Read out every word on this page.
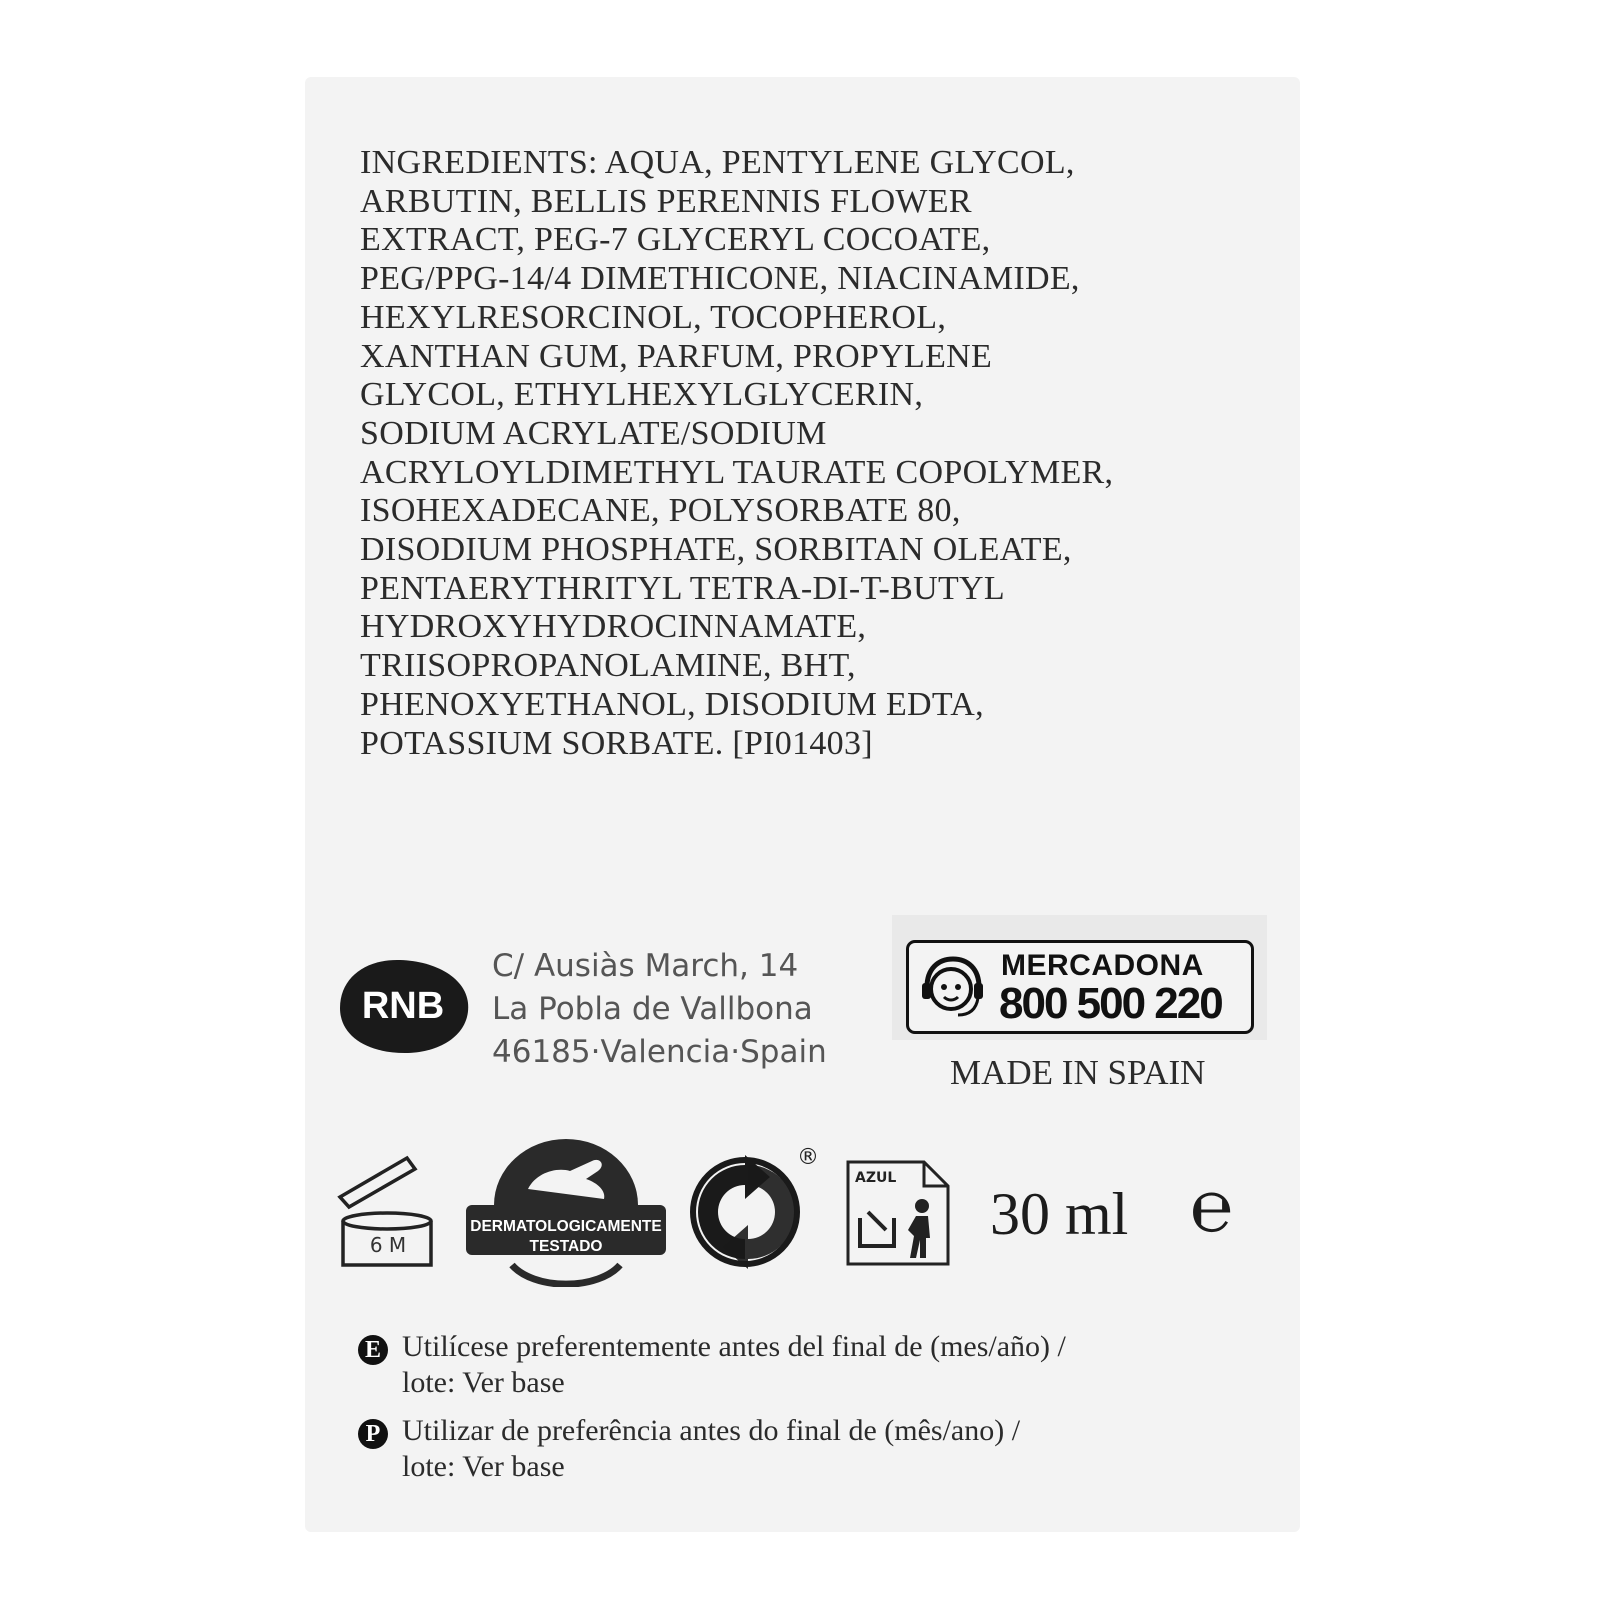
INGREDIENTS: AQUA, PENTYLENE GLYCOL,
ARBUTIN, BELLIS PERENNIS FLOWER
EXTRACT, PEG-7 GLYCERYL COCOATE,
PEG/PPG-14/4 DIMETHICONE, NIACINAMIDE,
HEXYLRESORCINOL, TOCOPHEROL,
XANTHAN GUM, PARFUM, PROPYLENE
GLYCOL, ETHYLHEXYLGLYCERIN,
SODIUM ACRYLATE/SODIUM
ACRYLOYLDIMETHYL TAURATE COPOLYMER,
ISOHEXADECANE, POLYSORBATE 80,
DISODIUM PHOSPHATE, SORBITAN OLEATE,
PENTAERYTHRITYL TETRA-DI-T-BUTYL
HYDROXYHYDROCINNAMATE,
TRIISOPROPANOLAMINE, BHT,
PHENOXYETHANOL, DISODIUM EDTA,
POTASSIUM SORBATE. [PI01403]
RNB
C/ Ausiàs March, 14
La Pobla de Vallbona
46185·Valencia·Spain
MERCADONA
800 500 220
MADE IN SPAIN
6 M
DERMATOLOGICAMENTE
TESTADO
®
AZUL
30 ml ℮
E Utilícese preferentemente antes del final de (mes/año) /
lote: Ver base
P Utilizar de preferência antes do final de (mês/ano) /
lote: Ver base
